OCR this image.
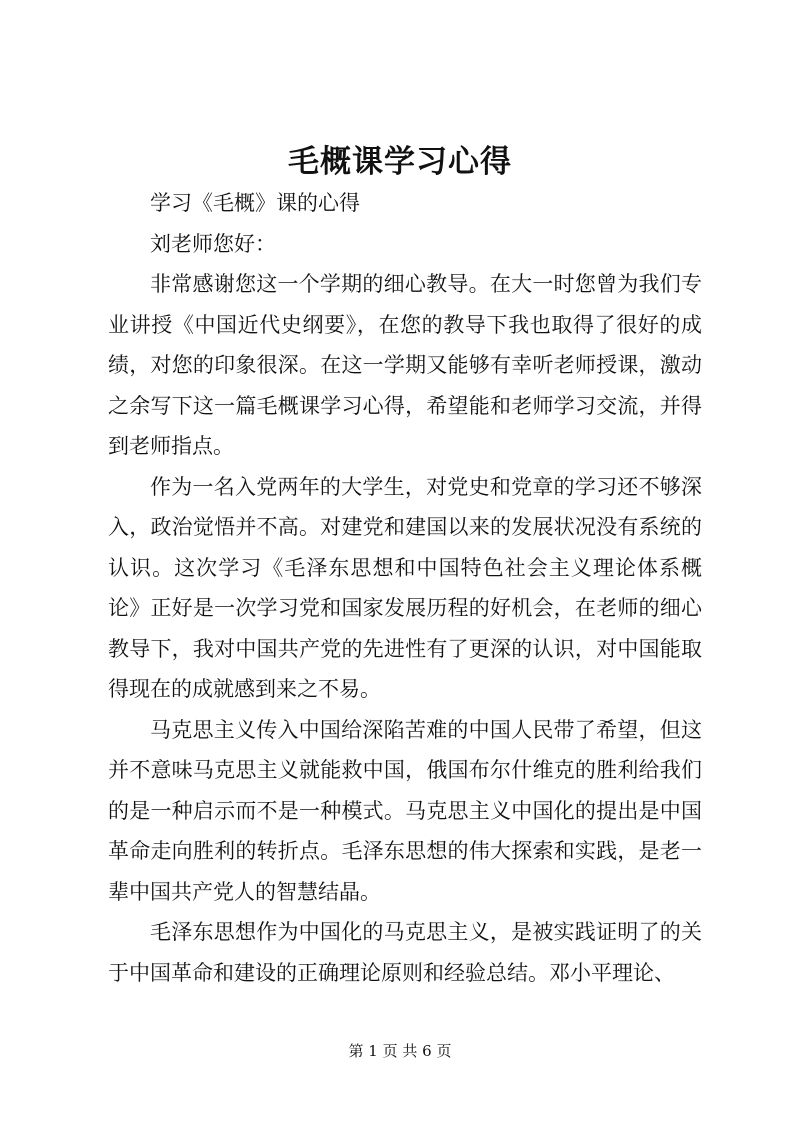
毛概课学习心得

学习《毛概》课的心得

刘老师您好：

非常感谢您这一个学期的细心教导。在大一时您曾为我们专业讲授《中国近代史纲要》，在您的教导下我也取得了很好的成绩，对您的印象很深。在这一学期又能够有幸听老师授课，激动之余写下这一篇毛概课学习心得，希望能和老师学习交流，并得到老师指点。

作为一名入党两年的大学生，对党史和党章的学习还不够深入，政治觉悟并不高。对建党和建国以来的发展状况没有系统的认识。这次学习《毛泽东思想和中国特色社会主义理论体系概论》正好是一次学习党和国家发展历程的好机会，在老师的细心教导下，我对中国共产党的先进性有了更深的认识，对中国能取得现在的成就感到来之不易。

马克思主义传入中国给深陷苦难的中国人民带了希望，但这并不意味马克思主义就能救中国，俄国布尔什维克的胜利给我们的是一种启示而不是一种模式。马克思主义中国化的提出是中国革命走向胜利的转折点。毛泽东思想的伟大探索和实践，是老一辈中国共产党人的智慧结晶。

毛泽东思想作为中国化的马克思主义，是被实践证明了的关于中国革命和建设的正确理论原则和经验总结。邓小平理论、

第 1 页 共 6 页
